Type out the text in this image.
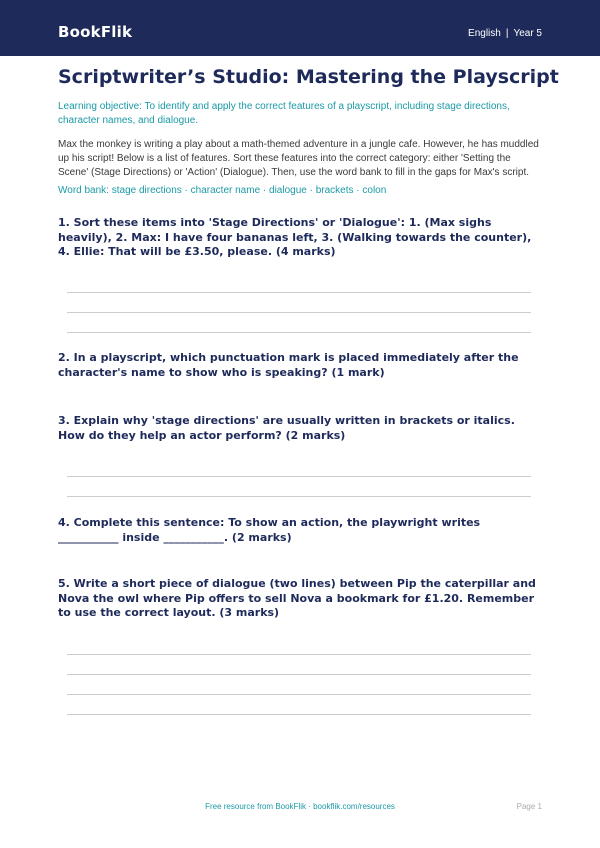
BookFlik	English | Year 5
Scriptwriter’s Studio: Mastering the Playscript

Learning objective: To identify and apply the correct features of a playscript, including stage directions, character names, and dialogue.

Max the monkey is writing a play about a math-themed adventure in a jungle cafe. However, he has muddled up his script! Below is a list of features. Sort these features into the correct category: either 'Setting the Scene' (Stage Directions) or 'Action' (Dialogue). Then, use the word bank to fill in the gaps for Max's script.

Word bank: stage directions · character name · dialogue · brackets · colon

1. Sort these items into 'Stage Directions' or 'Dialogue': 1. (Max sighs heavily), 2. Max: I have four bananas left, 3. (Walking towards the counter), 4. Ellie: That will be £3.50, please. (4 marks)

2. In a playscript, which punctuation mark is placed immediately after the character's name to show who is speaking? (1 mark)

3. Explain why 'stage directions' are usually written in brackets or italics. How do they help an actor perform? (2 marks)

4. Complete this sentence: To show an action, the playwright writes ___________ inside ___________. (2 marks)

5. Write a short piece of dialogue (two lines) between Pip the caterpillar and Nova the owl where Pip offers to sell Nova a bookmark for £1.20. Remember to use the correct layout. (3 marks)

Free resource from BookFlik · bookflik.com/resources	Page 1
